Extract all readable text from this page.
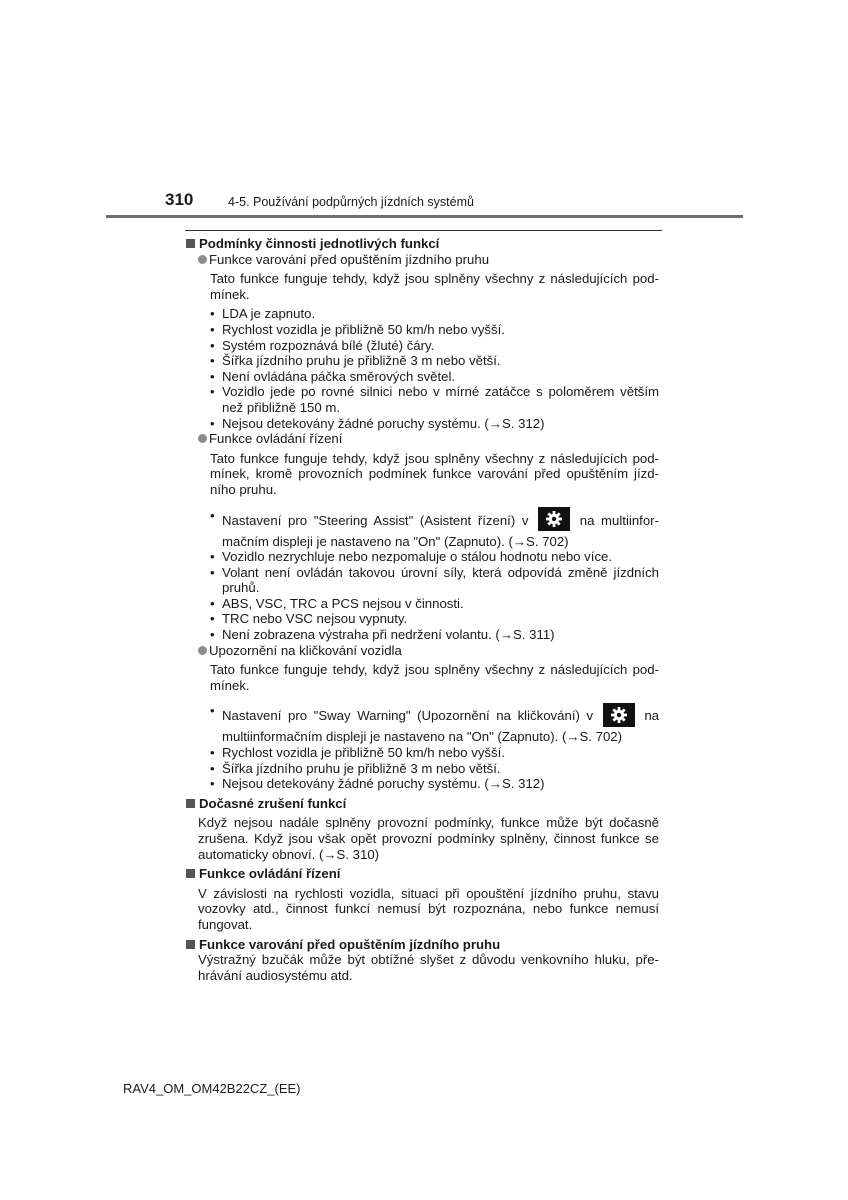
310	4-5. Používání podpůrných jízdních systémů
Podmínky činnosti jednotlivých funkcí
Funkce varování před opuštěním jízdního pruhu
Tato funkce funguje tehdy, když jsou splněny všechny z následujících podmínek.
• LDA je zapnuto.
• Rychlost vozidla je přibližně 50 km/h nebo vyšší.
• Systém rozpoznává bílé (žluté) čáry.
• Šířka jízdního pruhu je přibližně 3 m nebo větší.
• Není ovládána páčka směrových světel.
• Vozidlo jede po rovné silnici nebo v mírné zatáčce s poloměrem větším než přibližně 150 m.
• Nejsou detekovány žádné poruchy systému. (→S. 312)
Funkce ovládání řízení
Tato funkce funguje tehdy, když jsou splněny všechny z následujících podmínek, kromě provozních podmínek funkce varování před opuštěním jízdního pruhu.
• Nastavení pro "Steering Assist" (Asistent řízení) v	na multiinformačním displeji je nastaveno na "On" (Zapnuto). (→S. 702)
• Vozidlo nezrychluje nebo nezpomaluje o stálou hodnotu nebo více.
• Volant není ovládán takovou úrovní síly, která odpovídá změně jízdních pruhů.
• ABS, VSC, TRC a PCS nejsou v činnosti.
• TRC nebo VSC nejsou vypnuty.
• Není zobrazena výstraha při nedržení volantu. (→S. 311)
Upozornění na kličkování vozidla
Tato funkce funguje tehdy, když jsou splněny všechny z následujících podmínek.
• Nastavení pro "Sway Warning" (Upozornění na kličkování) v	na multiinformačním displeji je nastaveno na "On" (Zapnuto). (→S. 702)
• Rychlost vozidla je přibližně 50 km/h nebo vyšší.
• Šířka jízdního pruhu je přibližně 3 m nebo větší.
• Nejsou detekovány žádné poruchy systému. (→S. 312)
Dočasné zrušení funkcí
Když nejsou nadále splněny provozní podmínky, funkce může být dočasně zrušena. Když jsou však opět provozní podmínky splněny, činnost funkce se automaticky obnoví. (→S. 310)
Funkce ovládání řízení
V závislosti na rychlosti vozidla, situaci při opouštění jízdního pruhu, stavu vozovky atd., činnost funkcí nemusí být rozpoznána, nebo funkce nemusí fungovat.
Funkce varování před opuštěním jízdního pruhu
Výstražný bzučák může být obtížné slyšet z důvodu venkovního hluku, přehrávání audiosystému atd.
RAV4_OM_OM42B22CZ_(EE)
